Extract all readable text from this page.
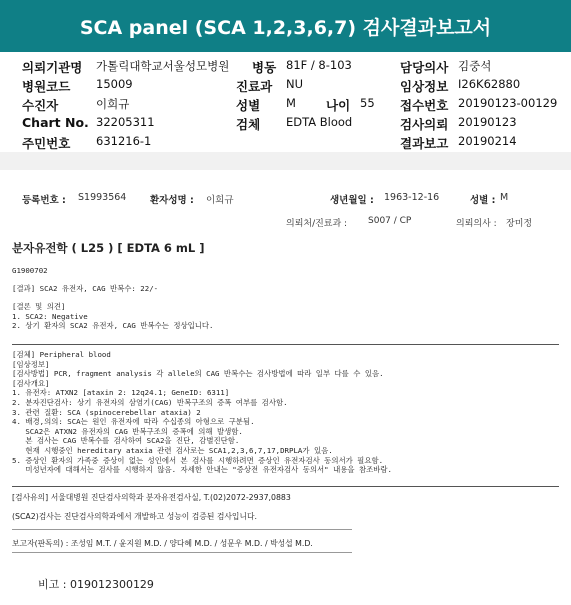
SCA panel (SCA 1,2,3,6,7) 검사결과보고서
의뢰기관명 가톨릭대학교서울성모병원 병동 81F / 8-103	담당의사 김중석
병원코드 15009	진료과 NU	임상정보 I26K62880
수진자	이희규	성별 M 나이 55 접수번호 20190123-00129
Chart No. 32205311	검체 EDTA Blood	검사의뢰 20190123
주민번호 631216-1	결과보고 20190214
등록번호 : S1993564 환자성명 : 이희규	생년월일 : 1963-12-16	성별 : M
의뢰처/진료과 : S007 / CP	의뢰의사 : 장미정
분자유전학 ( L25 ) [ EDTA 6 mL ]
G1900702
[결과] SCA2 유전자, CAG 반복수: 22/-
[결론 및 의견]
1. SCA2: Negative
2. 상기 환자의 SCA2 유전자, CAG 반복수는 정상입니다.
[검체] Peripheral blood
[임상정보]
[검사방법] PCR, fragment analysis 각 allele의 CAG 반복수는 검사방법에 따라 일부 다를 수 있음.
[검사개요]
1. 유전자: ATXN2 [ataxin 2: 12q24.1; GeneID: 6311]
2. 분자진단검사: 상기 유전자의 삼염기(CAG) 반복구조의 증폭 여부를 검사함.
3. 관련 질환: SCA (spinocerebellar ataxia) 2
4. 배경,의의: SCA는 원인 유전자에 따라 수십종의 아형으로 구분됨.
SCA2은 ATXN2 유전자의 CAG 반복구조의 증폭에 의해 발생함.
본 검사는 CAG 반복수를 검사하여 SCA2을 진단, 감별진단함.
현재 시행중인 hereditary ataxia 관련 검사로는 SCA1,2,3,6,7,17,DRPLA가 있음.
5. 증상인 환자의 가족중 증상이 없는 성인에서 본 검사를 시행하려면 증상인 유전자검사 동의서가 필요함.
미성년자에 대해서는 검사를 시행하지 않음. 자세한 안내는 "증상전 유전자검사 동의서" 내용을 참조바람.
[검사유의] 서울대병원 진단검사의학과 분자유전검사실, T.(02)2072-2937,0883
(SCA2)검사는 진단검사의학과에서 개발하고 성능이 검증된 검사입니다.
보고자(판독의) : 조성임 M.T. / 윤지원 M.D. / 양다혜 M.D. / 성문우 M.D. / 박성섭 M.D.
비고 : 019012300129
